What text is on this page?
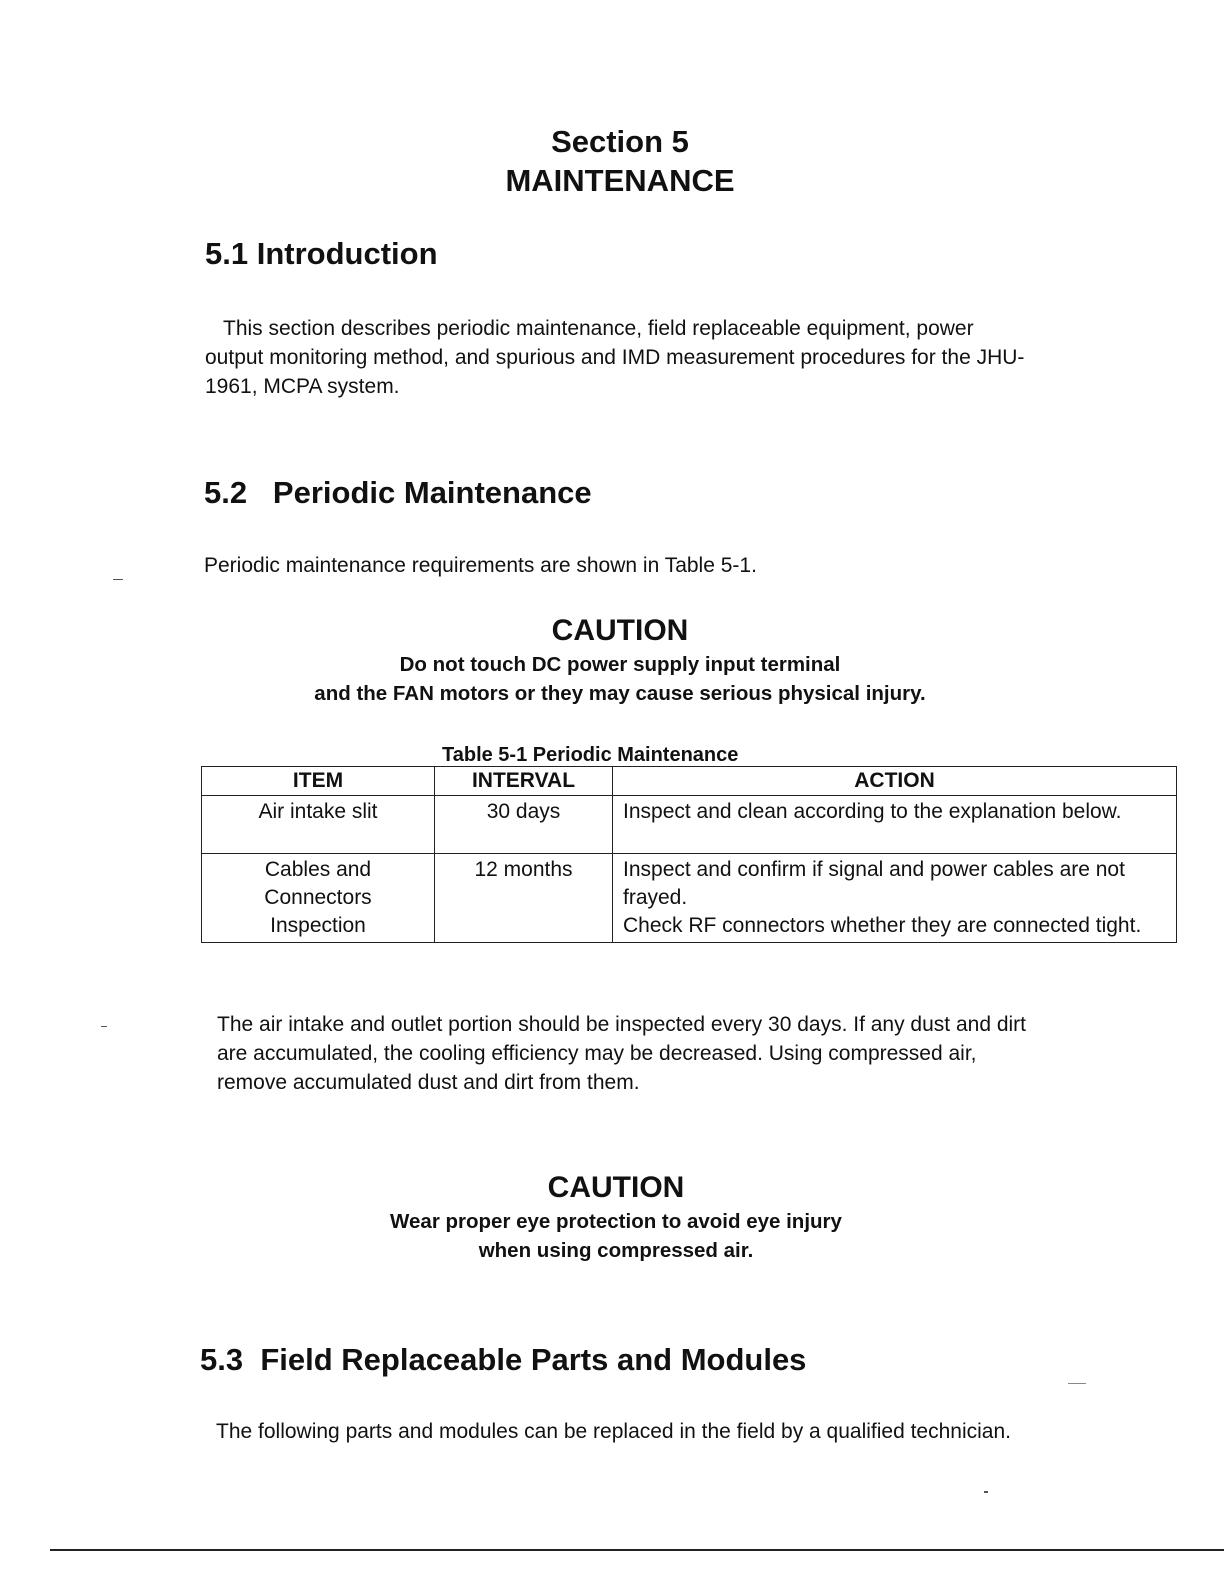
Section 5
MAINTENANCE
5.1 Introduction

This section describes periodic maintenance, field replaceable equipment, power output monitoring method, and spurious and IMD measurement procedures for the JHU-1961, MCPA system.

5.2   Periodic Maintenance

Periodic maintenance requirements are shown in Table 5-1.

CAUTION
Do not touch DC power supply input terminal
and the FAN motors or they may cause serious physical injury.
Table 5-1 Periodic Maintenance
ITEM	INTERVAL	ACTION

Air intake slit	30 days	Inspect and clean according to the explanation below.

Cables and
Connectors
Inspection	12 months	Inspect and confirm if signal and power cables are not frayed.
Check RF connectors whether they are connected tight.

The air intake and outlet portion should be inspected every 30 days. If any dust and dirt are accumulated, the cooling efficiency may be decreased. Using compressed air, remove accumulated dust and dirt from them.

CAUTION
Wear proper eye protection to avoid eye injury
when using compressed air.
5.3  Field Replaceable Parts and Modules

The following parts and modules can be replaced in the field by a qualified technician.
